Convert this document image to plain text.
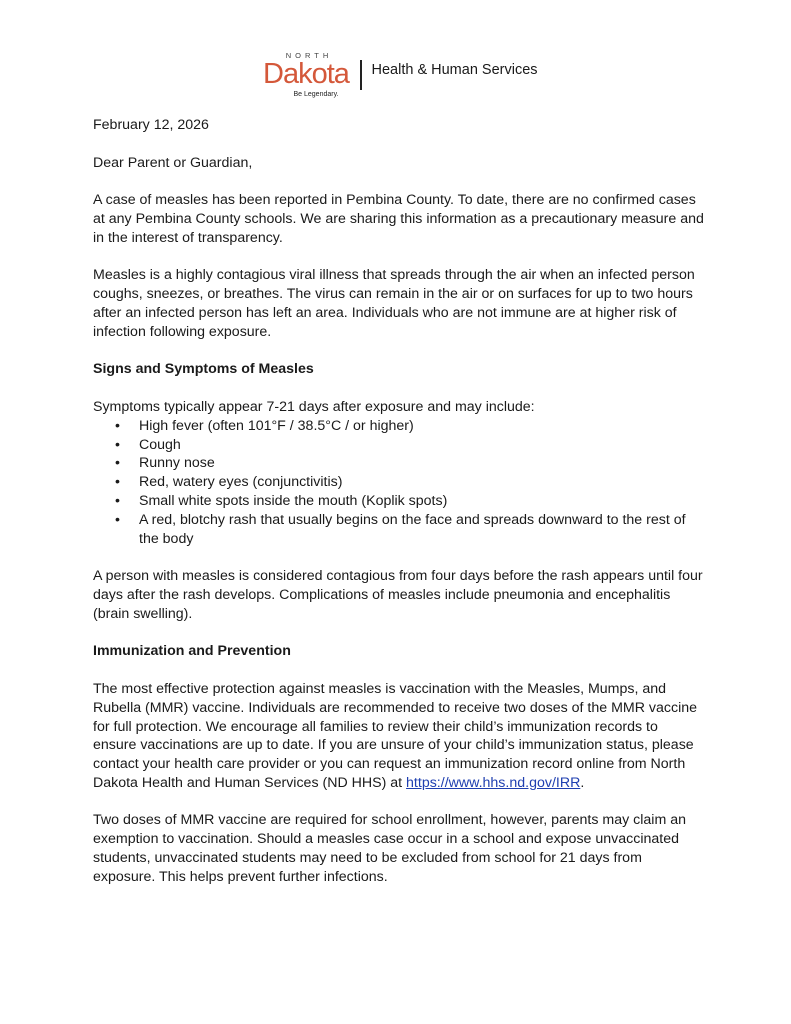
NORTH
Dakota
Be Legendary.
Health & Human Services

February 12, 2026

Dear Parent or Guardian,

A case of measles has been reported in Pembina County. To date, there are no confirmed cases at any Pembina County schools. We are sharing this information as a precautionary measure and in the interest of transparency.

Measles is a highly contagious viral illness that spreads through the air when an infected person coughs, sneezes, or breathes. The virus can remain in the air or on surfaces for up to two hours after an infected person has left an area. Individuals who are not immune are at higher risk of infection following exposure.

Signs and Symptoms of Measles

Symptoms typically appear 7-21 days after exposure and may include:

• High fever (often 101°F / 38.5°C / or higher)
• Cough
• Runny nose
• Red, watery eyes (conjunctivitis)
• Small white spots inside the mouth (Koplik spots)
• A red, blotchy rash that usually begins on the face and spreads downward to the rest of the body

A person with measles is considered contagious from four days before the rash appears until four days after the rash develops. Complications of measles include pneumonia and encephalitis (brain swelling).

Immunization and Prevention

The most effective protection against measles is vaccination with the Measles, Mumps, and Rubella (MMR) vaccine. Individuals are recommended to receive two doses of the MMR vaccine for full protection. We encourage all families to review their child’s immunization records to ensure vaccinations are up to date. If you are unsure of your child’s immunization status, please contact your health care provider or you can request an immunization record online from North Dakota Health and Human Services (ND HHS) at https://www.hhs.nd.gov/IRR.

Two doses of MMR vaccine are required for school enrollment, however, parents may claim an exemption to vaccination. Should a measles case occur in a school and expose unvaccinated students, unvaccinated students may need to be excluded from school for 21 days from exposure. This helps prevent further infections.
